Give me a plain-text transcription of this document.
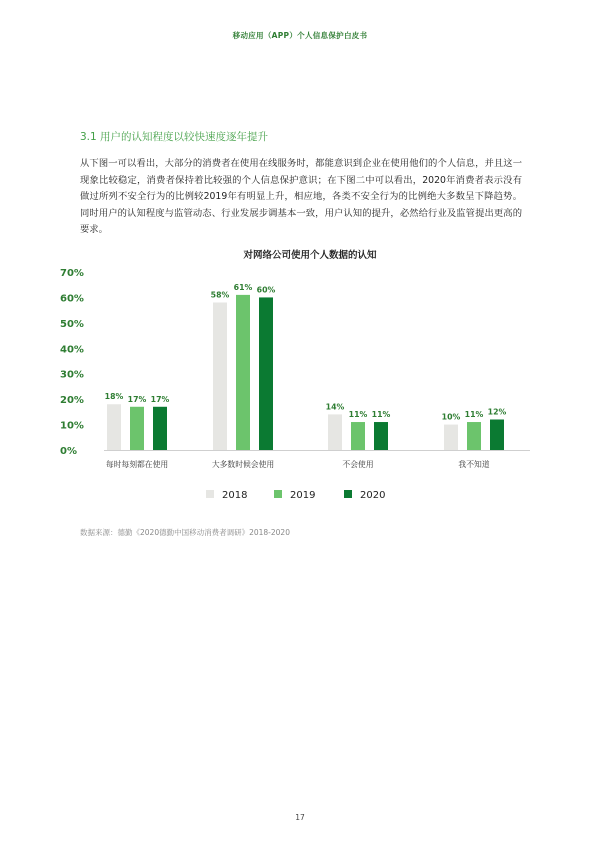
移动应用（APP）个人信息保护白皮书
3.1 用户的认知程度以较快速度逐年提升

从下图一可以看出，大部分的消费者在使用在线服务时，都能意识到企业在使用他们的个人信息，并且这一现象比较稳定，消费者保持着比较强的个人信息保护意识；在下图二中可以看出，2020年消费者表示没有做过所列不安全行为的比例较2019年有明显上升，相应地，各类不安全行为的比例绝大多数呈下降趋势。同时用户的认知程度与监管动态、行业发展步调基本一致，用户认知的提升，必然给行业及监管提出更高的要求。

对网络公司使用个人数据的认知
0%
10%
20%
30%
40%
50%
60%
70%
18% 17% 17%
58%
61% 60%
14%
11% 11%	10% 11% 12%
每时每刻都在使用	大多数时候会使用	不会使用	我不知道
2018	2019	2020
数据来源：德勤《2020德勤中国移动消费者调研》2018-2020
17
